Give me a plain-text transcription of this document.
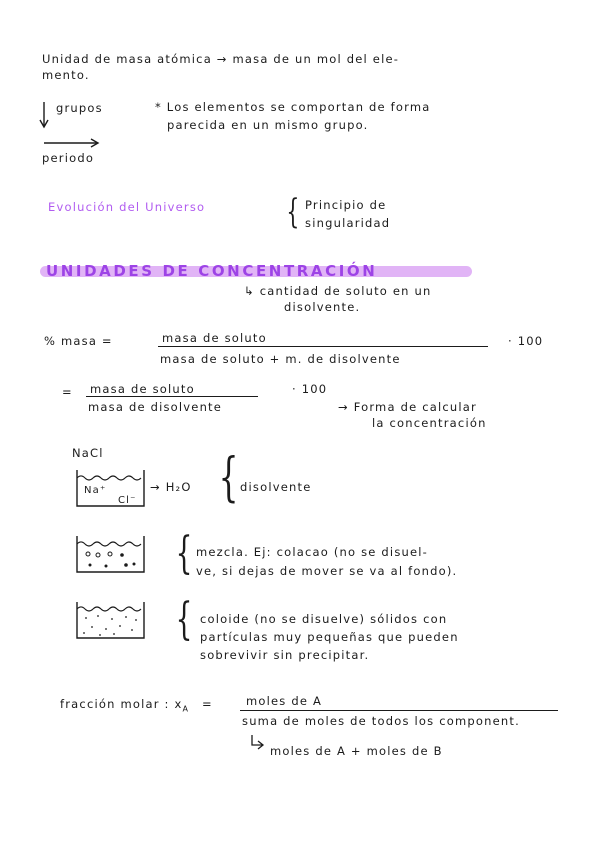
Unidad de masa atómica → masa de un mol del ele-
mento.
grupos
periodo
* Los elementos se comportan de forma
parecida en un mismo grupo.
Evolución del Universo { Principio de
singularidad
UNIDADES DE CONCENTRACIÓN
↳ cantidad de soluto en un
disolvente.
% masa =	masa de soluto
masa de soluto + m. de disolvente
· 100
= masa de soluto
masa de disolvente
· 100
→ Forma de calcular
la concentración
NaCl
Na⁺
Cl⁻
→ H₂O { disolvente
{ mezcla. Ej: colacao (no se disuel-
ve, si dejas de mover se va al fondo).
{ coloide (no se disuelve) sólidos con
partículas muy pequeñas que pueden
sobrevivir sin precipitar.
fracción molar : $x_A$ =	moles de A
suma de moles de todos los component.
moles de A + moles de B
